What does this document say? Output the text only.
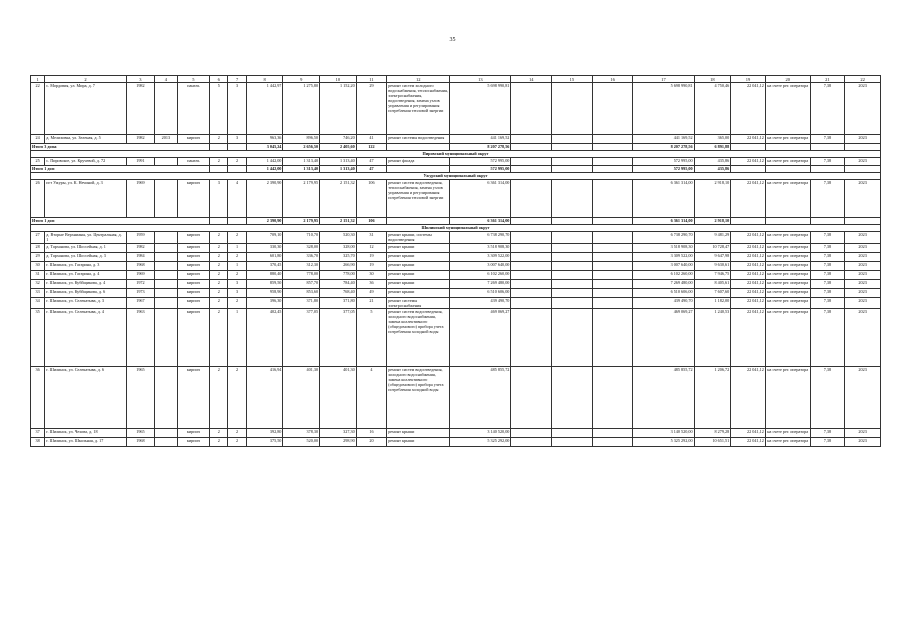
35
1	2	3	4	5	6	7	8	9	10	11	12	13	14	15	16	17	18	19	20	21	22
22	с. Мордовия, ул. Мира, д. 7	1982		панель	5	3	1 442,97	1 275,80	1 152,20	29	ремонт систем холодного водоснабжения, теплоснабжения, электроснабжения, водоотведения, замена узлов управления и регулирования потребления тепловой энергии	5 698 990,81				5 698 990,81	4 750,46	22 041,12	на счете рег. оператора	7,38	2023
24	д. Мелиховка, ул. Зеленая, д. 5	1982	2013	кирпич	2	3	963,36	896,50	746,20	41	ремонт системы водоотведения	441 169,52				441 169,52	365,00	22 041,12	на счете рег. оператора	7,38	2023
Итого 3 дома							3 045,24	2 656,50	2 405,60	122		8 207 278,56				8 207 278,56	6 891,88				
Пировский муниципальный округ																					
25	с. Пировское, ул. Кручевой, д. 72	1991		панель	2	2	1 442,00	1 313,40	1 313,40	47	ремонт фасада	572 995,00				572 995,00	435,86	22 041,12	на счете рег. оператора	7,38	2023
Итого 1 дом							1 442,00	1 313,40	1 313,40	47		572 995,00				572 995,00	435,86				
Ужурский муниципальный округ																					
26	пгт Ужуры, ул. К. Нечиной, д. 3	1969		кирпич	3	4	2 390,90	2 179,95	2 151,32	106	ремонт систем водоотведения, теплоснабжения, замена узлов управления и регулирования потребления тепловой энергии	6 361 314,00				6 361 314,00	2 918,10	22 041,12	на счете рег. оператора	7,38	2023
Итого 1 дом							2 390,90	2 179,95	2 151,32	106		6 361 314,00				6 361 314,00	2 918,10				
Шилинский муниципальный округ																					
27	д. Вторые Верхнианы, ул. Центральная, д. 1	1959		кирпич	2	2	709,10	710,70	520,30	31	ремонт крыши, системы водоотведения	6 738 290,70				6 738 290,70	9 481,29	22 041,12	на счете рег. оператора	7,38	2023
28	д. Тарханова, ул. Шоссейная, д. 1	1982		кирпич	2	1	330,30	328,00	328,00	12	ремонт крыши	3 518 908,30				3 518 908,30	10 728,47	22 041,12	на счете рег. оператора	7,38	2023
29	д. Тарханова, ул. Шоссейная, д. 3	1984		кирпич	2	2	601,80	336,70	325,70	19	ремонт крыши	3 309 522,00				3 309 522,00	9 647,98	22 041,12	на счете рег. оператора	7,38	2023
30	г. Шилинск, ул. Гагарина, д. 3	1968		кирпич	2	1	370,45	312,30	266,90	19	ремонт крыши	3 007 640,00				3 007 640,00	9 630,61	22 041,12	на счете рег. оператора	7,38	2023
31	г. Шилинск, ул. Гагарина, д. 4	1969		кирпич	2	2	880,40	778,00	778,00	30	ремонт крыши	6 102 260,00				6 102 260,00	7 946,75	22 041,12	на счете рег. оператора	7,38	2023
32	г. Шилинск, ул. Кубйщикова, д. 4	1972		кирпич	2	3	859,50	857,70	784,40	36	ремонт крыши	7 269 480,00				7 269 480,00	8 405,61	22 041,12	на счете рег. оператора	7,38	2023
33	г. Шилинск, ул. Кубйщикова, д. 6	1973		кирпич	2	3	958,90	853,60	768,40	49	ремонт крыши	6 510 606,00				6 510 606,00	7 607,60	22 041,12	на счете рег. оператора	7,38	2023
34	г. Шилинск, ул. Селекатыва, д. 3	1967		кирпич	2	2	396,30	371,80	371,80	21	ремонт системы электроснабжения	439 490,70				439 490,70	1 182,00	22 041,12	на счете рег. оператора	7,38	2023
35	г. Шилинск, ул. Селекатыва, д. 4	1963		кирпич	2	1	402,45	377,05	377,05	5	ремонт систем водоотведения, холодного водоснабжения, замена коллективного (общедомового) прибора учета потребления холодной воды	469 069,27				469 069,27	1 240,53	22 041,12	на счете рег. оператора	7,38	2023
36	г. Шилинск, ул. Селекатыва, д. 6	1965		кирпич	2	2	416,94	401,30	401,30	4	ремонт систем водоотведения, холодного водоснабжения, замена коллективного (общедомового) прибора учета потребления холодной воды	485 855,72				485 855,72	1 206,72	22 041,12	на счете рег. оператора	7,38	2023
37	г. Шилинск, ул. Чехова, д. 18	1965		кирпич	2	2	392,80	378,30	327,30	16	ремонт крыши	3 140 520,00				3 140 520,00	8 279,28	22 041,12	на счете рег. оператора	7,38	2023
38	г. Шилинск, ул. Школьная, д. 17	1968		кирпич	2	2	375,50	520,00	298,90	20	ремонт крыши	5 325 292,00				5 325 292,00	10 651,51	22 041,12	на счете рег. оператора	7,38	2023
